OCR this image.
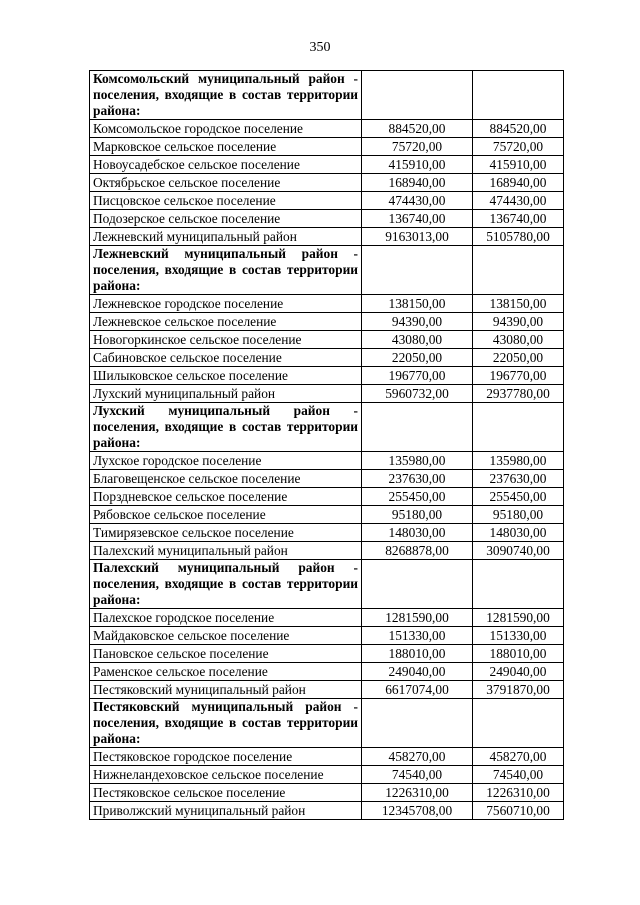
350
Комсомольский муниципальный район - поселения, входящие в состав территории района:		
Комсомольское городское поселение	884520,00	884520,00
Марковское сельское поселение	75720,00	75720,00
Новоусадебское сельское поселение	415910,00	415910,00
Октябрьское сельское поселение	168940,00	168940,00
Писцовское сельское поселение	474430,00	474430,00
Подозерское сельское поселение	136740,00	136740,00
Лежневский муниципальный район	9163013,00	5105780,00
Лежневский муниципальный район - поселения, входящие в состав территории района:		
Лежневское городское поселение	138150,00	138150,00
Лежневское сельское поселение	94390,00	94390,00
Новогоркинское сельское поселение	43080,00	43080,00
Сабиновское сельское поселение	22050,00	22050,00
Шилыковское сельское поселение	196770,00	196770,00
Лухский муниципальный район	5960732,00	2937780,00
Лухский муниципальный район - поселения, входящие в состав территории района:		
Лухское городское поселение	135980,00	135980,00
Благовещенское сельское поселение	237630,00	237630,00
Порздневское сельское поселение	255450,00	255450,00
Рябовское сельское поселение	95180,00	95180,00
Тимирязевское сельское поселение	148030,00	148030,00
Палехский муниципальный район	8268878,00	3090740,00
Палехский муниципальный район - поселения, входящие в состав территории района:		
Палехское городское поселение	1281590,00	1281590,00
Майдаковское сельское поселение	151330,00	151330,00
Пановское сельское поселение	188010,00	188010,00
Раменское сельское поселение	249040,00	249040,00
Пестяковский муниципальный район	6617074,00	3791870,00
Пестяковский муниципальный район - поселения, входящие в состав территории района:		
Пестяковское городское поселение	458270,00	458270,00
Нижнеландеховское сельское поселение	74540,00	74540,00
Пестяковское сельское поселение	1226310,00	1226310,00
Приволжский муниципальный район	12345708,00	7560710,00
